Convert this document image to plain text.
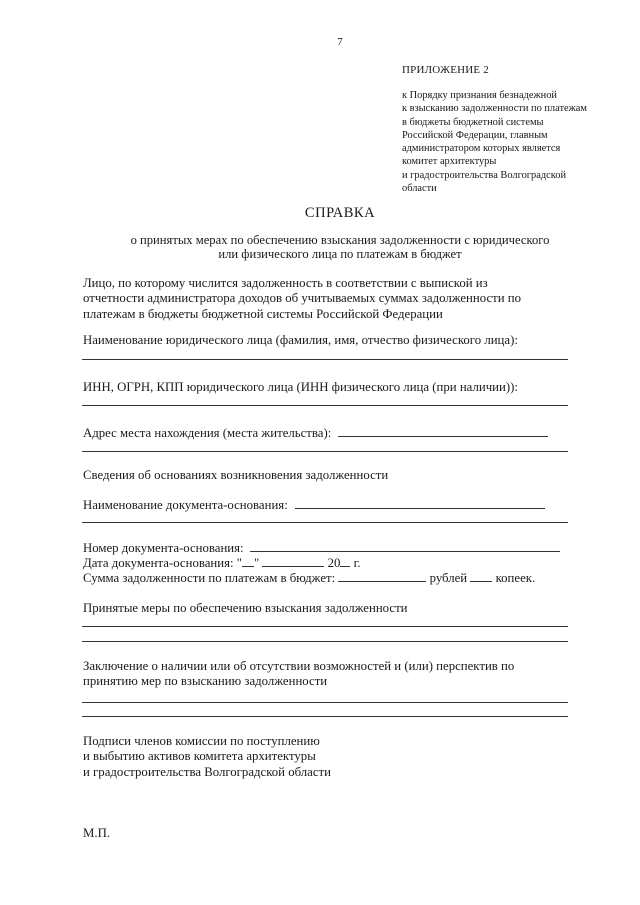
7
ПРИЛОЖЕНИЕ 2
к Порядку признания безнадежной
к взысканию задолженности по платежам
в бюджеты бюджетной системы
Российской Федерации, главным
администратором которых является
комитет архитектуры
и градостроительства Волгоградской
области
СПРАВКА
о принятых мерах по обеспечению взыскания задолженности с юридического
или физического лица по платежам в бюджет
Лицо, по которому числится задолженность в соответствии с выпиской из
отчетности администратора доходов об учитываемых суммах задолженности по
платежам в бюджеты бюджетной системы Российской Федерации
Наименование юридического лица (фамилия, имя, отчество физического лица):
ИНН, ОГРН, КПП юридического лица (ИНН физического лица (при наличии)):
Адрес места нахождения (места жительства):
Сведения об основаниях возникновения задолженности
Наименование документа-основания:
Номер документа-основания:
Дата документа-основания: " "	20 г.
Сумма задолженности по платежам в бюджет:	рублей копеек.
Принятые меры по обеспечению взыскания задолженности
Заключение о наличии или об отсутствии возможностей и (или) перспектив по
принятию мер по взысканию задолженности
Подписи членов комиссии по поступлению
и выбытию активов комитета архитектуры
и градостроительства Волгоградской области
М.П.
